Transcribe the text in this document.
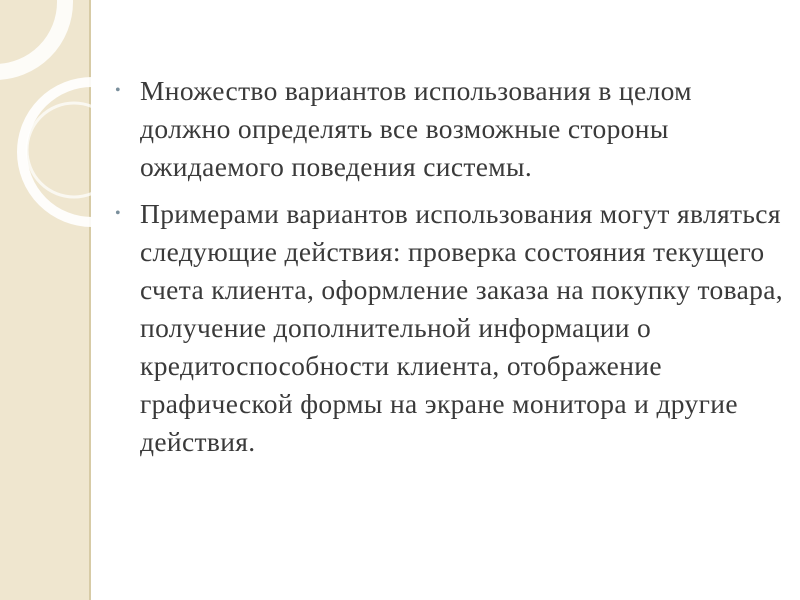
• Множество вариантов использования в целом должно определять все возможные стороны ожидаемого поведения системы.
• Примерами вариантов использования могут являться следующие действия: проверка состояния текущего счета клиента, оформление заказа на покупку товара, получение дополнительной информации о кредитоспособности клиента, отображение графической формы на экране монитора и другие действия.
